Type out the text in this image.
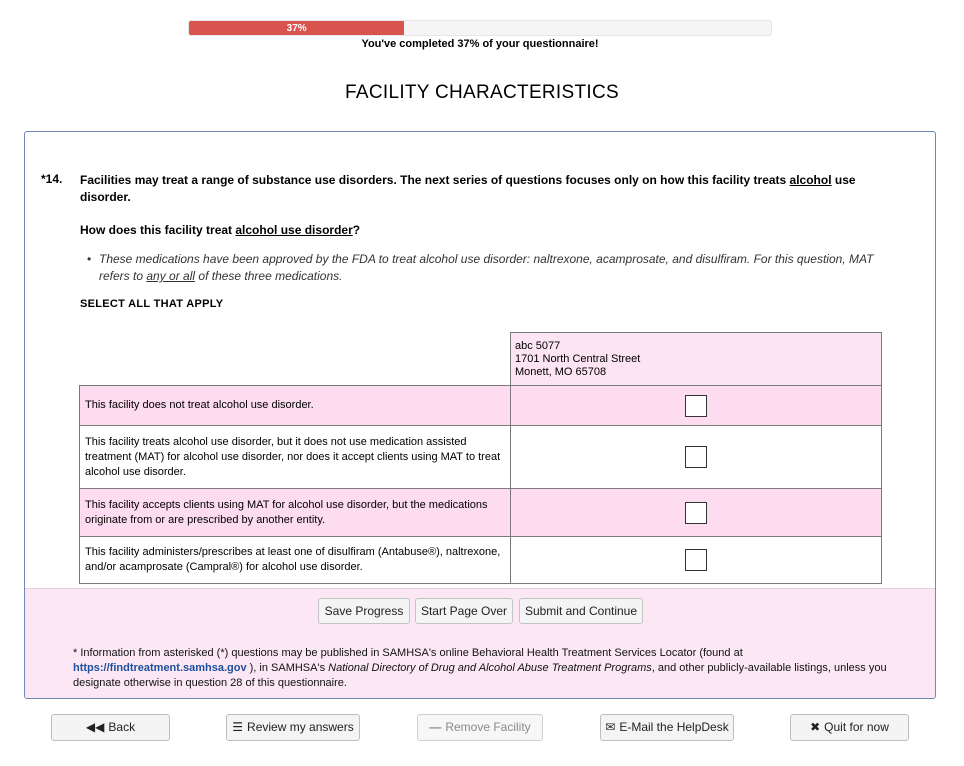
37%
You've completed 37% of your questionnaire!
FACILITY CHARACTERISTICS
*14. Facilities may treat a range of substance use disorders. The next series of questions focuses only on how this facility treats alcohol use disorder.
How does this facility treat alcohol use disorder?
• These medications have been approved by the FDA to treat alcohol use disorder: naltrexone, acamprosate, and disulfiram. For this question, MAT refers to any or all of these three medications.
SELECT ALL THAT APPLY

	abc 5077
1701 North Central Street
Monett, MO 65708

This facility does not treat alcohol use disorder.	
This facility treats alcohol use disorder, but it does not use medication assisted treatment (MAT) for alcohol use disorder, nor does it accept clients using MAT to treat alcohol use disorder.	
This facility accepts clients using MAT for alcohol use disorder, but the medications originate from or are prescribed by another entity.	
This facility administers/prescribes at least one of disulfiram (Antabuse®), naltrexone, and/or acamprosate (Campral®) for alcohol use disorder.	
Save Progress	Start Page Over	Submit and Continue
* Information from asterisked (*) questions may be published in SAMHSA's online Behavioral Health Treatment Services Locator (found at https://findtreatment.samhsa.gov ), in SAMHSA's National Directory of Drug and Alcohol Abuse Treatment Programs, and other publicly-available listings, unless you designate otherwise in question 28 of this questionnaire.
◀◀ Back	☰ Review my answers	— Remove Facility	✉ E-Mail the HelpDesk	✖ Quit for now
